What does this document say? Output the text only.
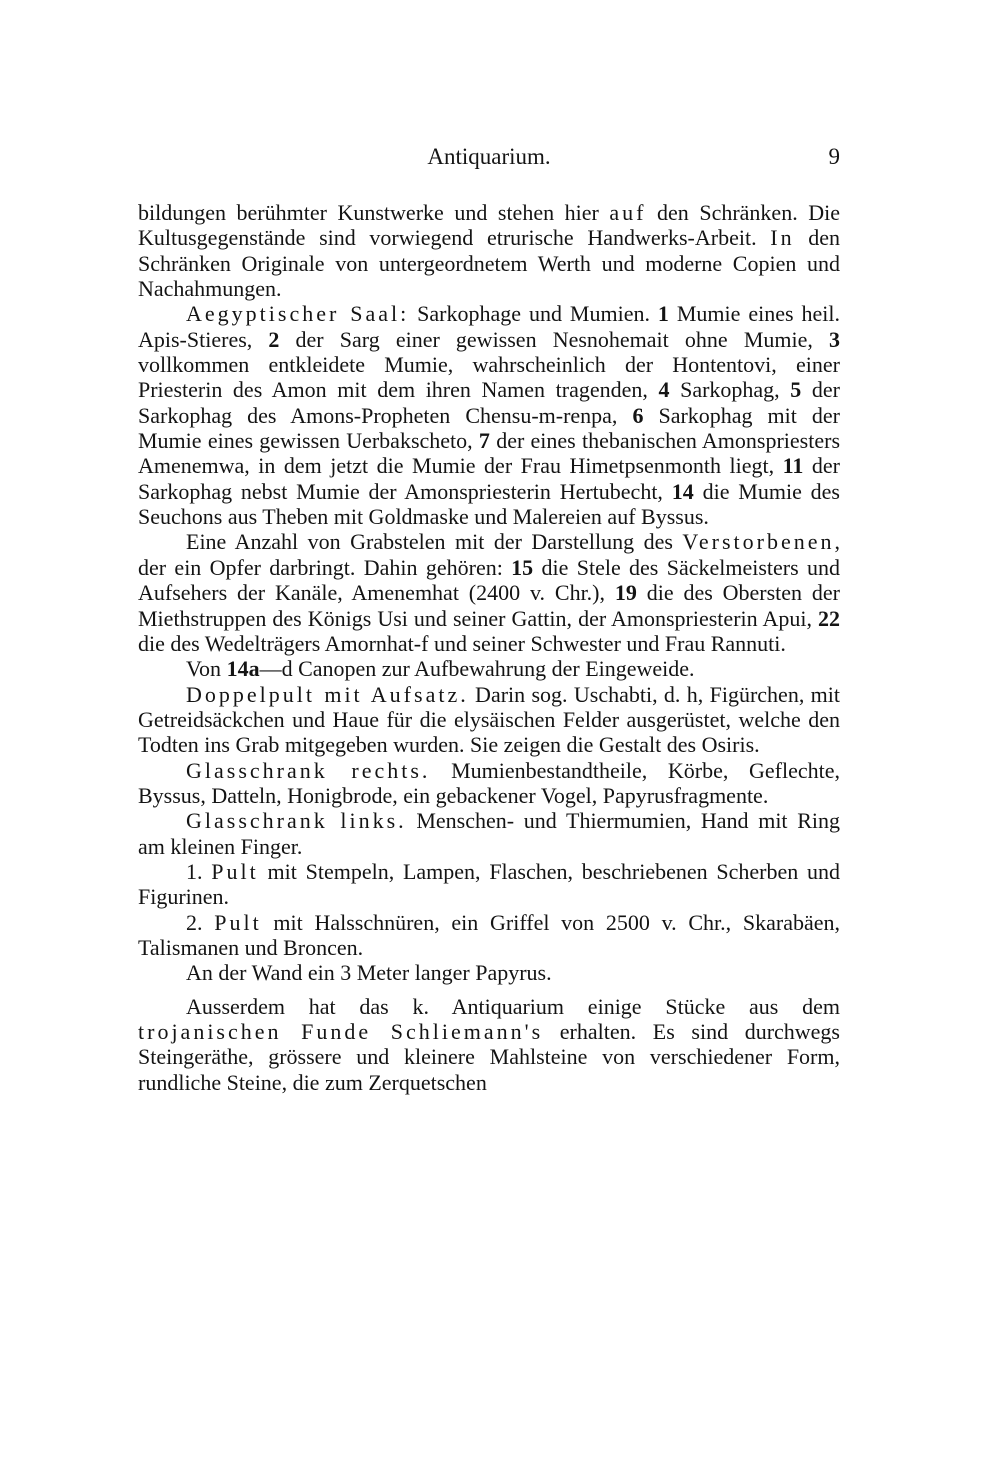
Antiquarium.	9

bildungen berühmter Kunstwerke und stehen hier auf den Schränken. Die Kultusgegenstände sind vorwiegend etrurische Handwerks-Arbeit. In den Schränken Originale von untergeordnetem Werth und moderne Copien und Nachahmungen.

Aegyptischer Saal: Sarkophage und Mumien. 1 Mumie eines heil. Apis-Stieres, 2 der Sarg einer gewissen Nesnohemait ohne Mumie, 3 vollkommen entkleidete Mumie, wahrscheinlich der Hontentovi, einer Priesterin des Amon mit dem ihren Namen tragenden, 4 Sarkophag, 5 der Sarkophag des Amons-Propheten Chensu-m-renpa, 6 Sarkophag mit der Mumie eines gewissen Uerbakscheto, 7 der eines thebanischen Amonspriesters Amenemwa, in dem jetzt die Mumie der Frau Himetpsenmonth liegt, 11 der Sarkophag nebst Mumie der Amonspriesterin Hertubecht, 14 die Mumie des Seuchons aus Theben mit Goldmaske und Malereien auf Byssus.

Eine Anzahl von Grabstelen mit der Darstellung des Verstorbenen, der ein Opfer darbringt. Dahin gehören: 15 die Stele des Säckelmeisters und Aufsehers der Kanäle, Amenemhat (2400 v. Chr.), 19 die des Obersten der Miethstruppen des Königs Usi und seiner Gattin, der Amonspriesterin Apui, 22 die des Wedelträgers Amornhat-f und seiner Schwester und Frau Rannuti.

Von 14a—d Canopen zur Aufbewahrung der Eingeweide.

Doppelpult mit Aufsatz. Darin sog. Uschabti, d. h, Figürchen, mit Getreidsäckchen und Haue für die elysäischen Felder ausgerüstet, welche den Todten ins Grab mitgegeben wurden. Sie zeigen die Gestalt des Osiris.

Glasschrank rechts. Mumienbestandtheile, Körbe, Geflechte, Byssus, Datteln, Honigbrode, ein gebackener Vogel, Papyrusfragmente.

Glasschrank links. Menschen- und Thiermumien, Hand mit Ring am kleinen Finger.

1. Pult mit Stempeln, Lampen, Flaschen, beschriebenen Scherben und Figurinen.

2. Pult mit Halsschnüren, ein Griffel von 2500 v. Chr., Skarabäen, Talismanen und Broncen.

An der Wand ein 3 Meter langer Papyrus.

Ausserdem hat das k. Antiquarium einige Stücke aus dem trojanischen Funde Schliemann's erhalten. Es sind durchwegs Steingeräthe, grössere und kleinere Mahlsteine von verschiedener Form, rundliche Steine, die zum Zerquetschen
